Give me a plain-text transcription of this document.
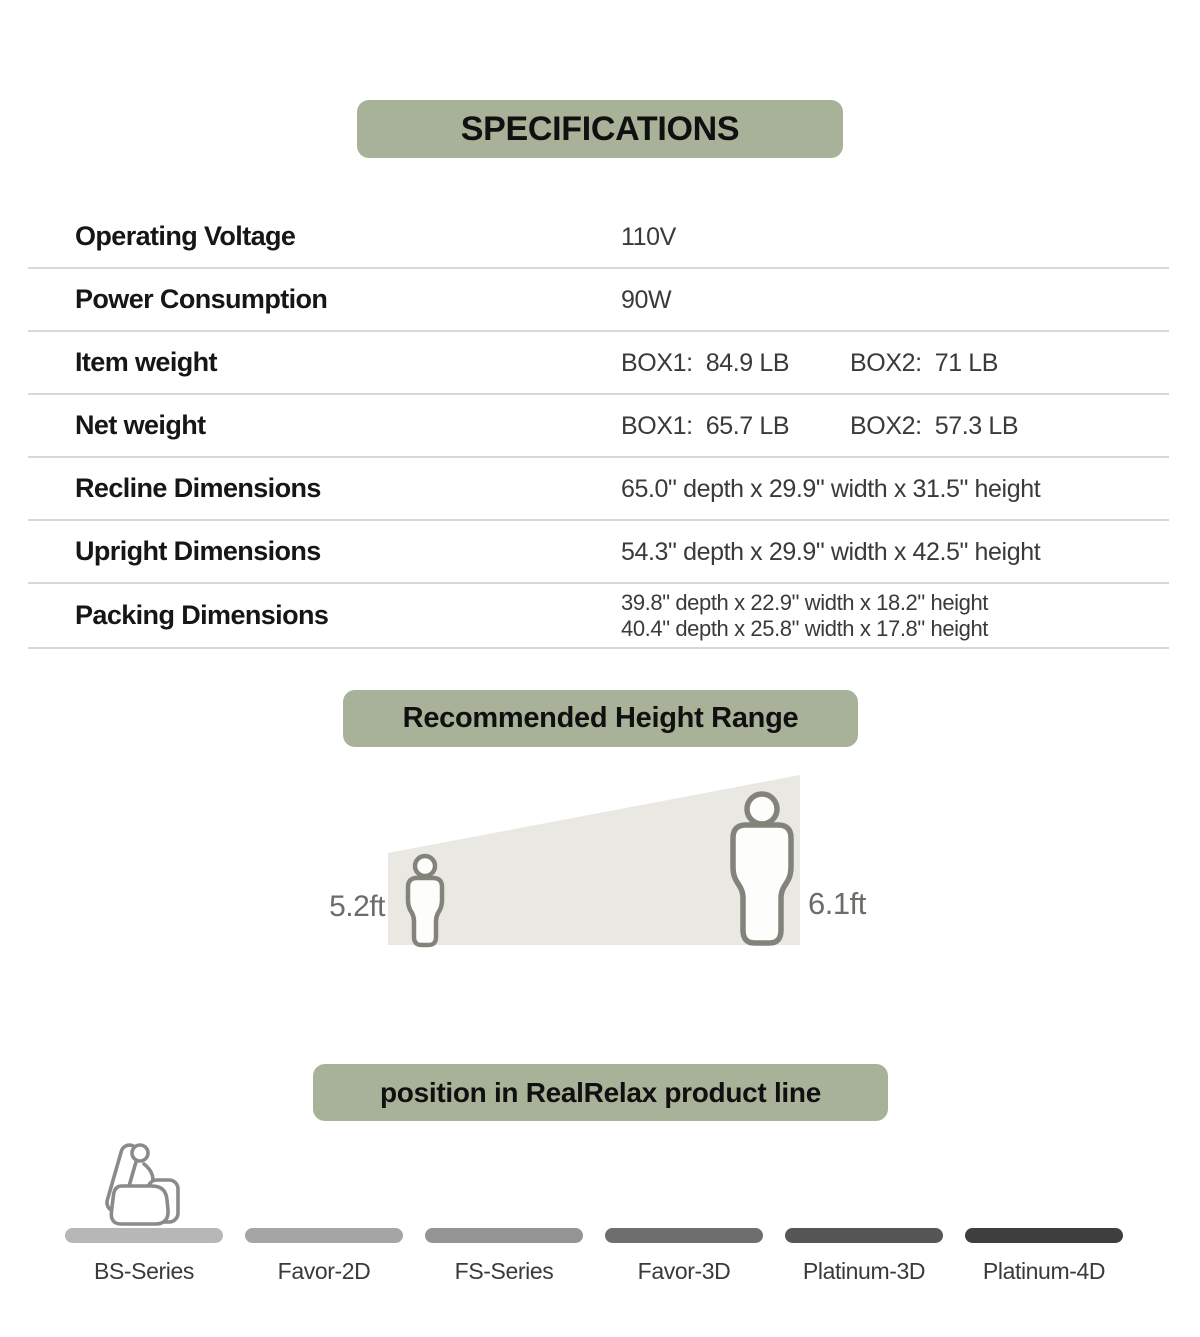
SPECIFICATIONS
Operating Voltage	110V
Power Consumption	90W
Item weight	BOX1:  84.9 LB BOX2:  71 LB
Net weight	BOX1:  65.7 LB BOX2:  57.3 LB
Recline Dimensions	65.0" depth x 29.9" width x 31.5" height
Upright Dimensions	54.3" depth x 29.9" width x 42.5" height
Packing Dimensions	39.8" depth x 22.9" width x 18.2" height
40.4" depth x 25.8" width x 17.8" height
Recommended Height Range
5.2ft	6.1ft
position in RealRelax product line
BS-Series	Favor-2D	FS-Series	Favor-3D	Platinum-3D	Platinum-4D
